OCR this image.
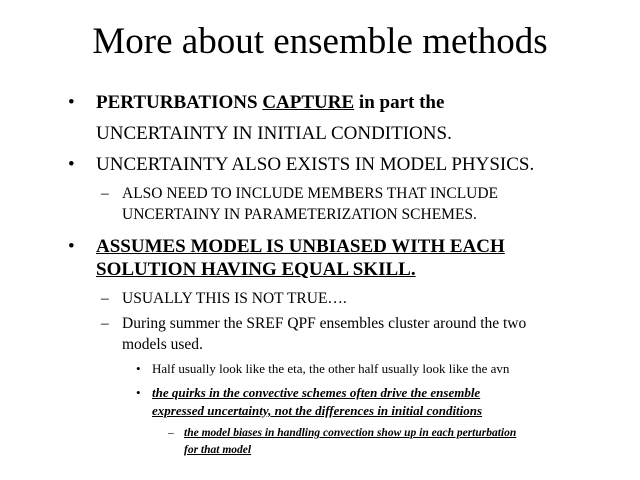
More about ensemble methods
• PERTURBATIONS CAPTURE in part the
UNCERTAINTY IN INITIAL CONDITIONS.
• UNCERTAINTY ALSO EXISTS IN MODEL PHYSICS.
– ALSO NEED TO INCLUDE MEMBERS THAT INCLUDE
UNCERTAINY IN PARAMETERIZATION SCHEMES.
• ASSUMES MODEL IS UNBIASED WITH EACH
SOLUTION HAVING EQUAL SKILL.
– USUALLY THIS IS NOT TRUE….
– During summer the SREF QPF ensembles cluster around the two
models used.
• Half usually look like the eta, the other half usually look like the avn
• the quirks in the convective schemes often drive the ensemble
expressed uncertainty, not the differences in initial conditions
– the model biases in handling convection show up in each perturbation
for that model
